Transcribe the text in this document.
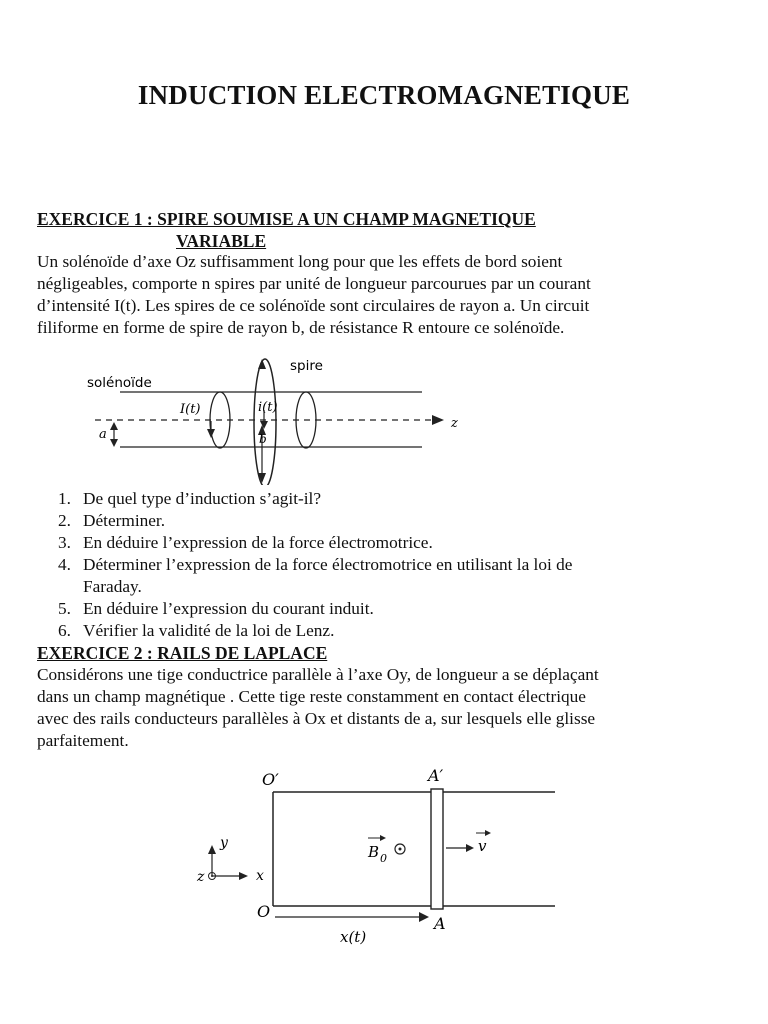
INDUCTION ELECTROMAGNETIQUE
EXERCICE 1 : SPIRE SOUMISE A UN CHAMP MAGNETIQUE
VARIABLE
Un solénoïde d’axe Oz suffisamment long pour que les effets de bord soient
négligeables, comporte n spires par unité de longueur parcourues par un courant
d’intensité I(t). Les spires de ce solénoïde sont circulaires de rayon a. Un circuit
filiforme en forme de spire de rayon b, de résistance R entoure ce solénoïde.
solénoïde
spire
I(t)	i(t)
z
a	b
1. De quel type d’induction s’agit-il?
2. Déterminer.
3. En déduire l’expression de la force électromotrice.
4. Déterminer l’expression de la force électromotrice en utilisant la loi de
Faraday.
5. En déduire l’expression du courant induit.
6. Vérifier la validité de la loi de Lenz.
EXERCICE 2 : RAILS DE LAPLACE
Considérons une tige conductrice parallèle à l’axe Oy, de longueur a se déplaçant
dans un champ magnétique . Cette tige reste constamment en contact électrique
avec des rails conducteurs parallèles à Ox et distants de a, sur lesquels elle glisse
parfaitement.
v
B 0
O′	A′
O
A
x(t)
y
x
z
